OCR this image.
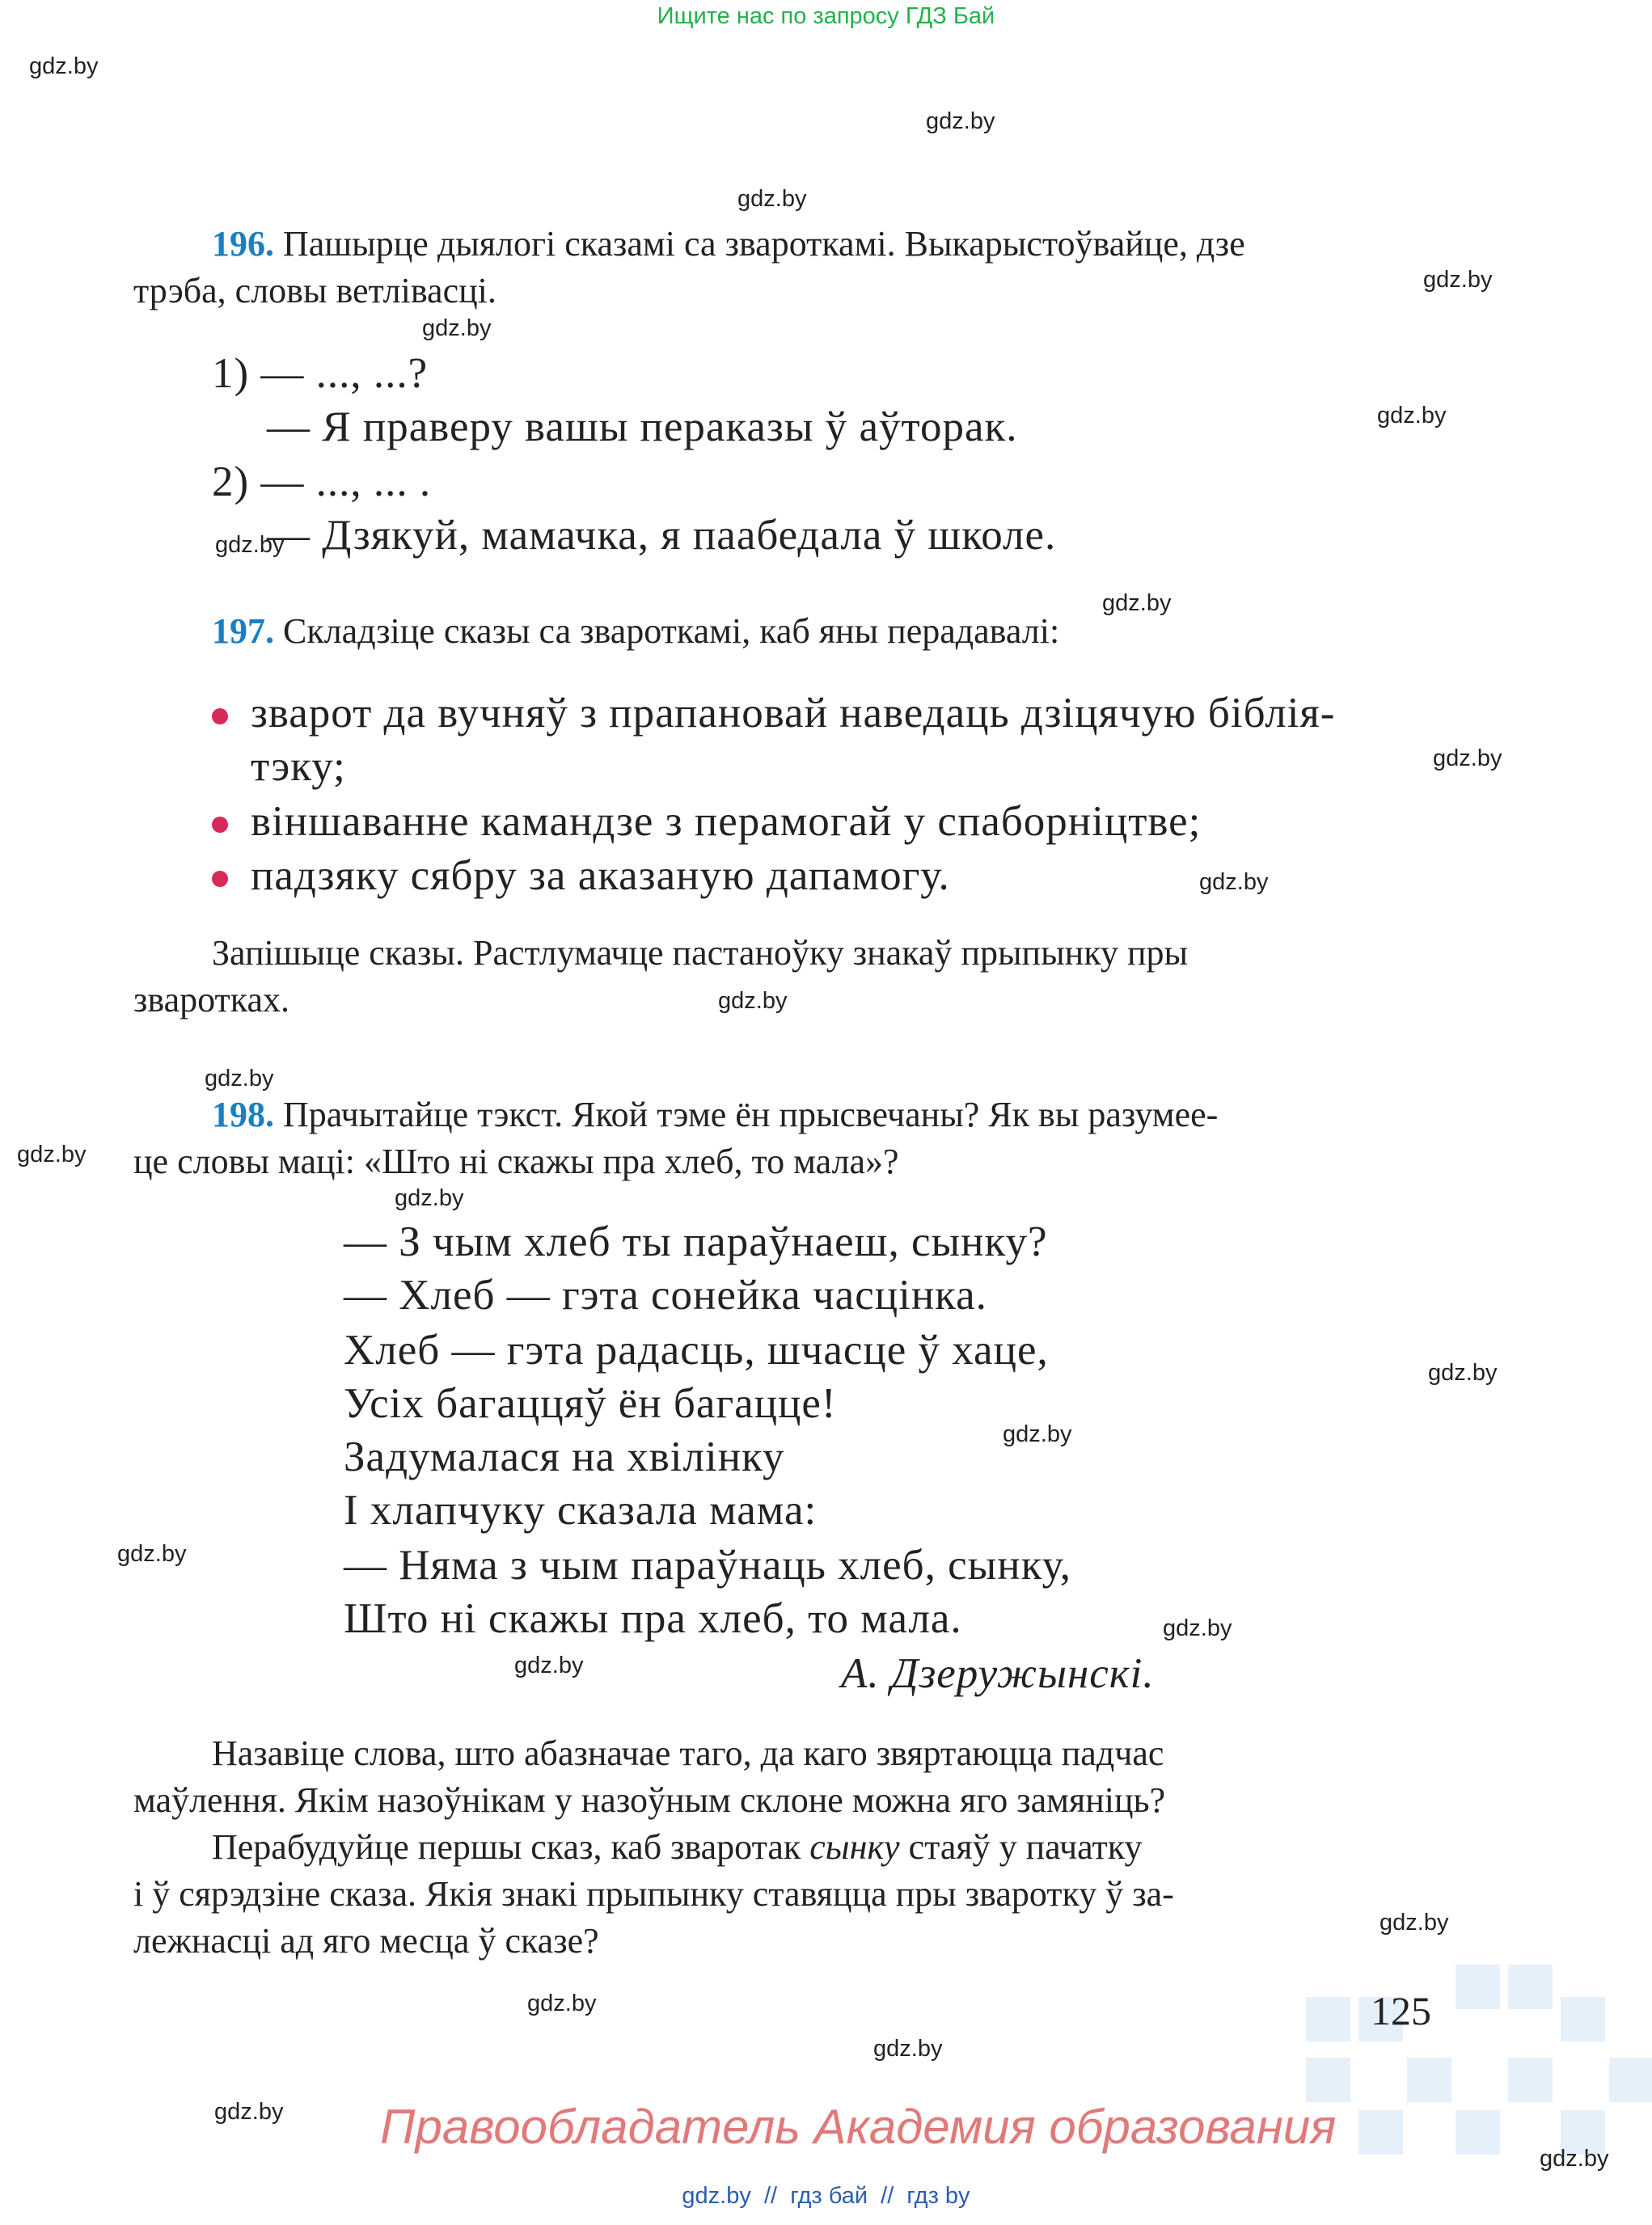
Ищите нас по запросу ГДЗ Бай
gdz.by
gdz.by
gdz.by
gdz.by
gdz.by
gdz.by
gdz.by
gdz.by
gdz.by
gdz.by
gdz.by
gdz.by
gdz.by
gdz.by
gdz.by
gdz.by
gdz.by
gdz.by
gdz.by
gdz.by
gdz.by
gdz.by
gdz.by
gdz.by
196. Пашырце дыялогі сказамі са звароткамі. Выкарыстоўвайце, дзе
трэба, словы ветлівасці.
1) — ..., ...?
— Я праверу вашы пераказы ў аўторак.
2) — ..., ... .
— Дзякуй, мамачка, я паабедала ў школе.
197. Складзіце сказы са звароткамі, каб яны перадавалі:
зварот да вучняў з прапановай наведаць дзіцячую біблія-
тэку;
віншаванне камандзе з перамогай у спаборніцтве;
падзяку сябру за аказаную дапамогу.
Запішыце сказы. Растлумачце пастаноўку знакаў прыпынку пры
зваротках.
198. Прачытайце тэкст. Якой тэме ён прысвечаны? Як вы разумее-
це словы маці: «Што ні скажы пра хлеб, то мала»?
— З чым хлеб ты параўнаеш, сынку?
— Хлеб — гэта сонейка часцінка.
Хлеб — гэта радасць, шчасце ў хаце,
Усіх багаццяў ён багацце!
Задумалася на хвілінку
І хлапчуку сказала мама:
— Няма з чым параўнаць хлеб, сынку,
Што ні скажы пра хлеб, то мала.
А. Дзеружынскі.
Назавіце слова, што абазначае таго, да каго звяртаюцца падчас
маўлення. Якім назоўнікам у назоўным склоне можна яго замяніць?
Перабудуйце першы сказ, каб зваротак сынку стаяў у пачатку
і ў сярэдзіне сказа. Якія знакі прыпынку ставяцца пры зваротку ў за-
лежнасці ад яго месца ў сказе?
125
Правообладатель Академия образования
gdz.by  //  гдз бай  //  гдз by
